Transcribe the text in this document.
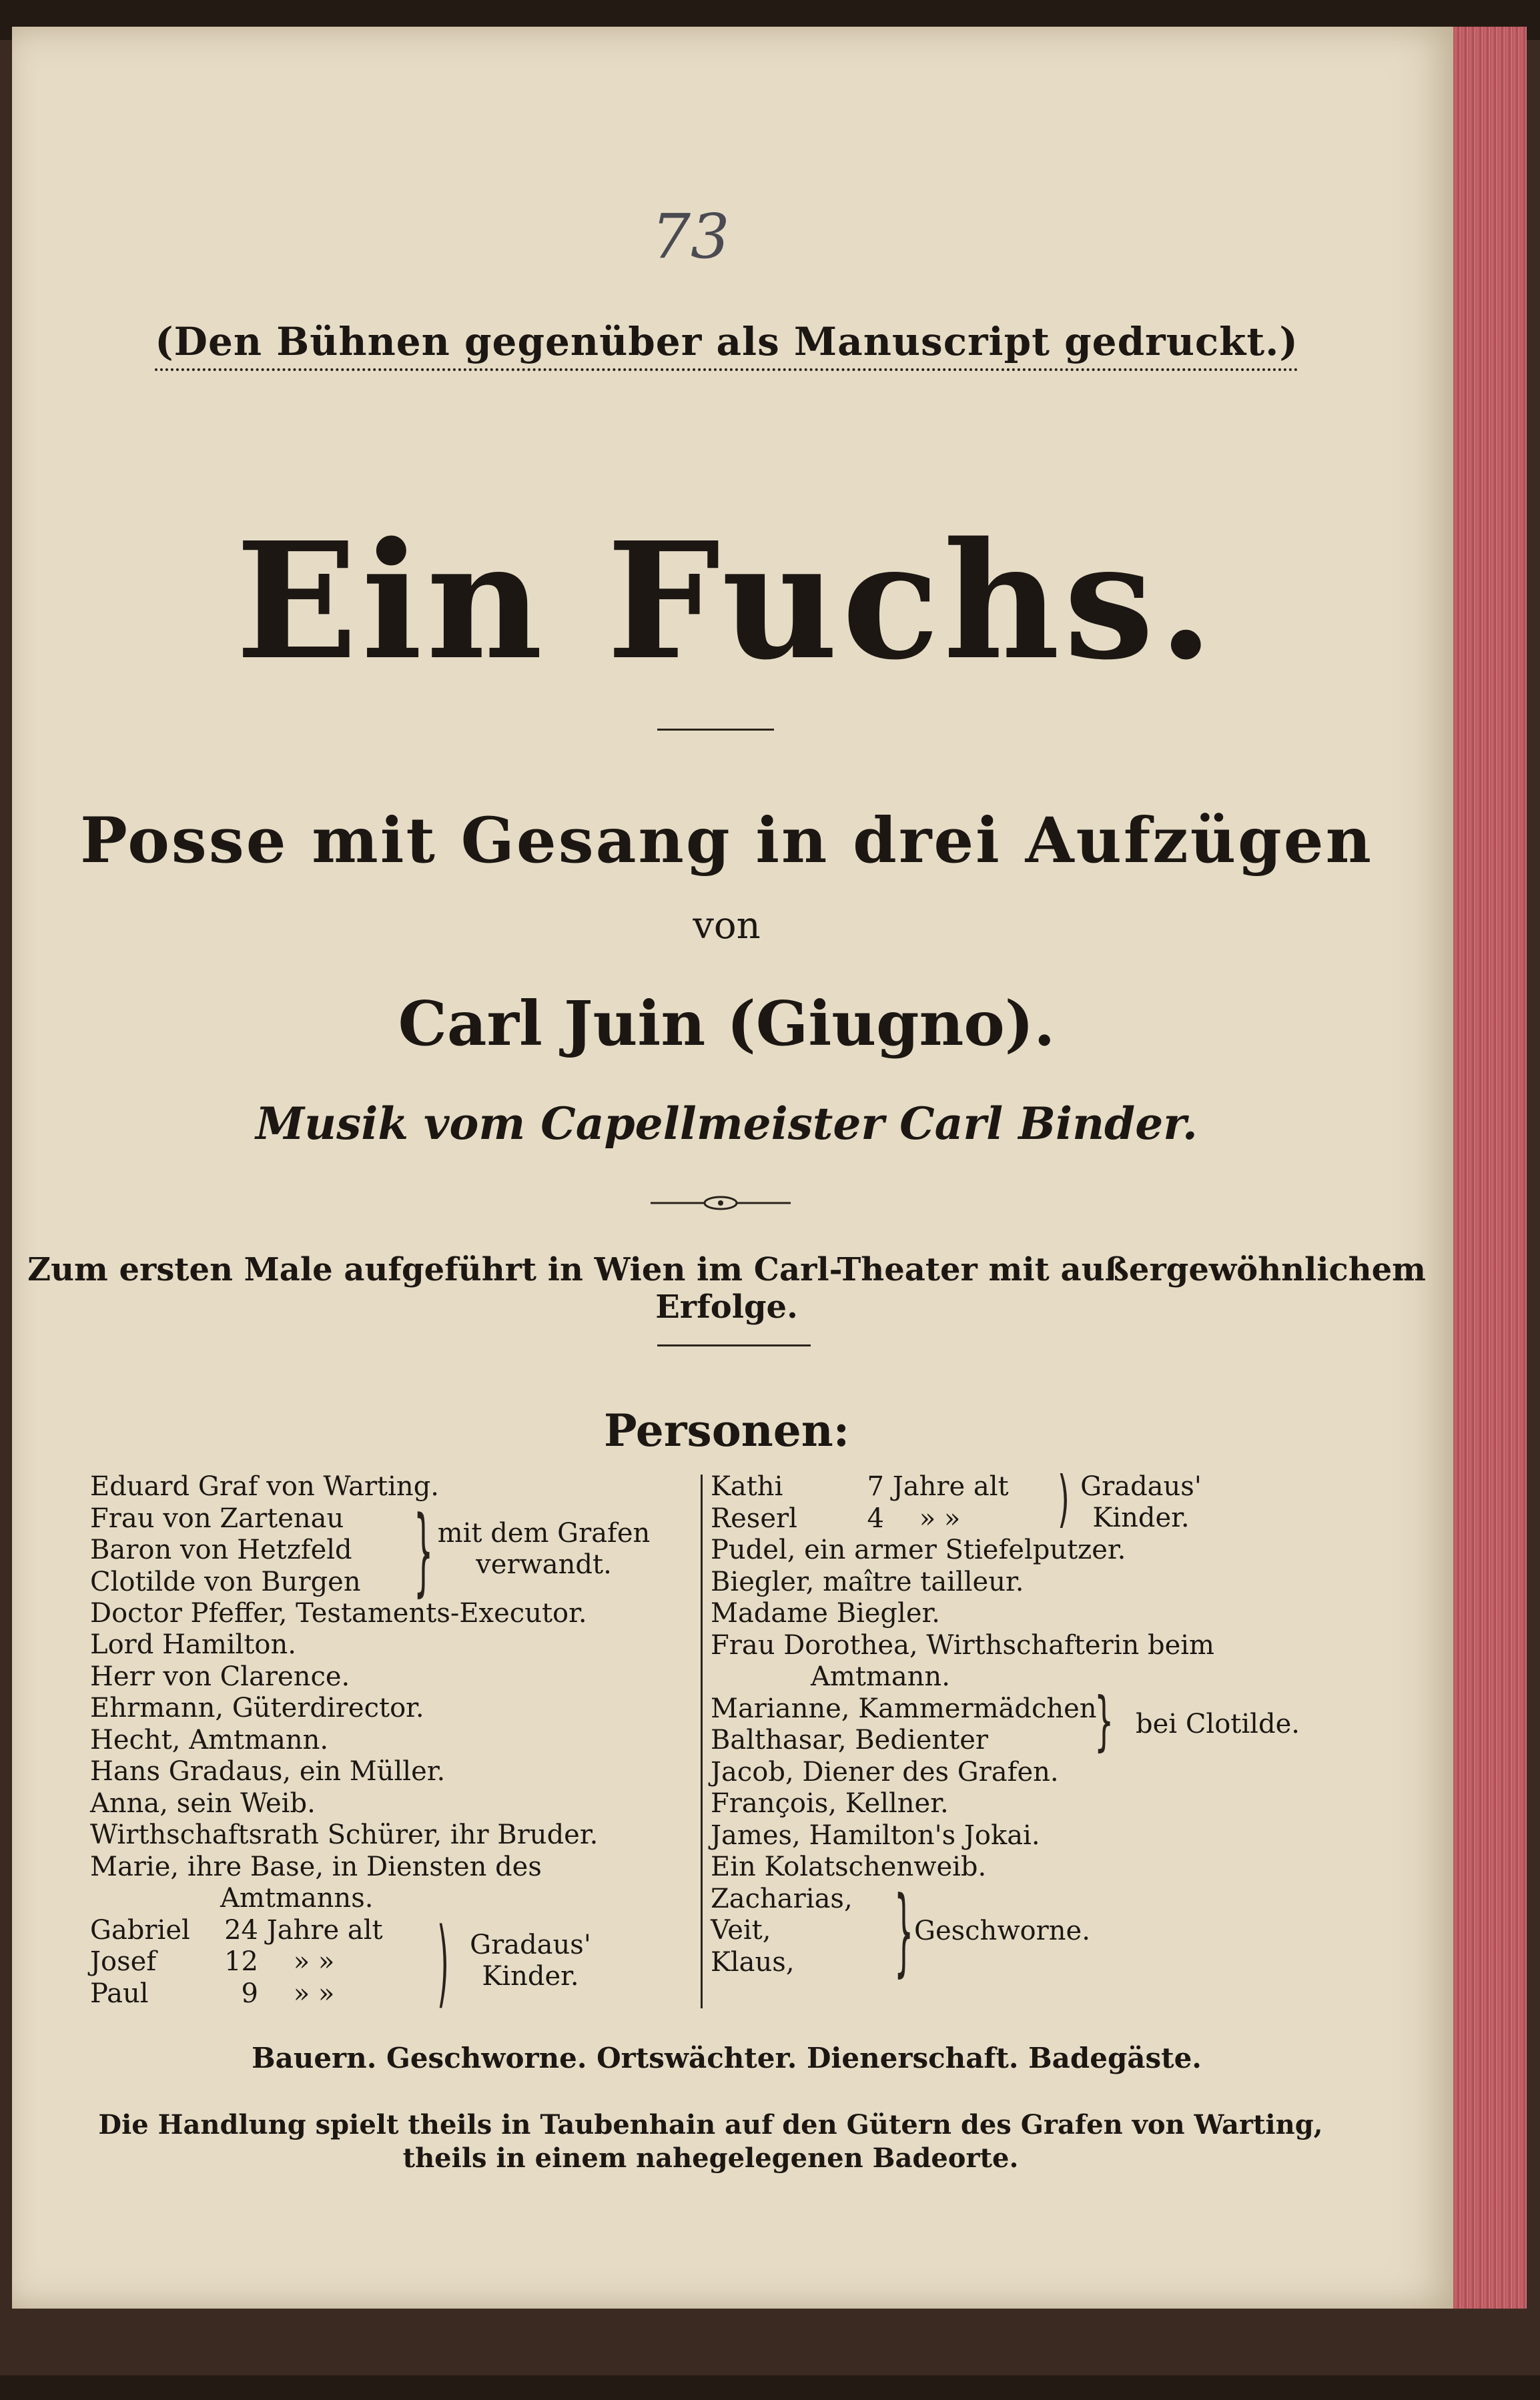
73
(Den Bühnen gegenüber als Manuscript gedruckt.)
Ein Fuchs.
Posse mit Gesang in drei Aufzügen
von
Carl Juin (Giugno).
Musik vom Capellmeister Carl Binder.
Zum ersten Male aufgeführt in Wien im Carl-Theater mit außergewöhnlichem Erfolge.
Personen:
Eduard Graf von Warting.
Frau von Zartenau
Baron von Hetzfeld
Clotilde von Burgen	} mit dem Grafen
verwandt.
Doctor Pfeffer, Testaments-Executor.
Lord Hamilton.
Herr von Clarence.
Ehrmann, Güterdirector.
Hecht, Amtmann.
Hans Gradaus, ein Müller.
Anna, sein Weib.
Wirthschaftsrath Schürer, ihr Bruder.
Marie, ihre Base, in Diensten des
Amtmanns.
Gabriel 24 Jahre alt
Josef	12 » »
Paul	9 » »	) Gradaus'
Kinder.
Kathi	7 Jahre alt
Reserl	4 » »	) Gradaus'
Kinder.
Pudel, ein armer Stiefelputzer.
Biegler, maître tailleur.
Madame Biegler.
Frau Dorothea, Wirthschafterin beim
Amtmann.
Marianne, Kammermädchen
Balthasar, Bedienter	} bei Clotilde.
Jacob, Diener des Grafen.
François, Kellner.
James, Hamilton's Jokai.
Ein Kolatschenweib.
Zacharias,
Veit,
Klaus,	} Geschworne.
Bauern. Geschworne. Ortswächter. Dienerschaft. Badegäste.
Die Handlung spielt theils in Taubenhain auf den Gütern des Grafen von Warting,
theils in einem nahegelegenen Badeorte.
